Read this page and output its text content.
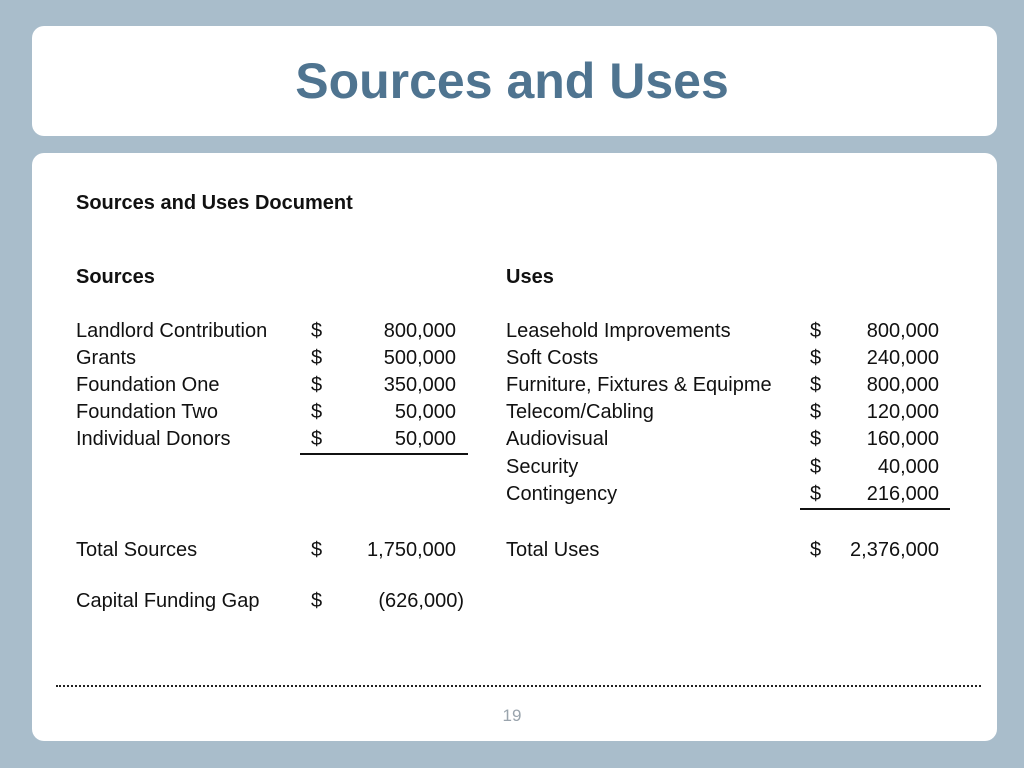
Sources and Uses
Sources and Uses Document
Sources
Landlord Contribution $	800,000
Grants	$	500,000
Foundation One	$	350,000
Foundation Two	$	50,000
Individual Donors	$	50,000
Total Sources	$	1,750,000
Capital Funding Gap	$	(626,000)
Uses
Leasehold Improvements	$	800,000
Soft Costs	$	240,000
Furniture, Fixtures & Equipme $	800,000
Telecom/Cabling	$	120,000
Audiovisual	$	160,000
Security	$	40,000
Contingency	$	216,000
Total Uses	$	2,376,000
19
